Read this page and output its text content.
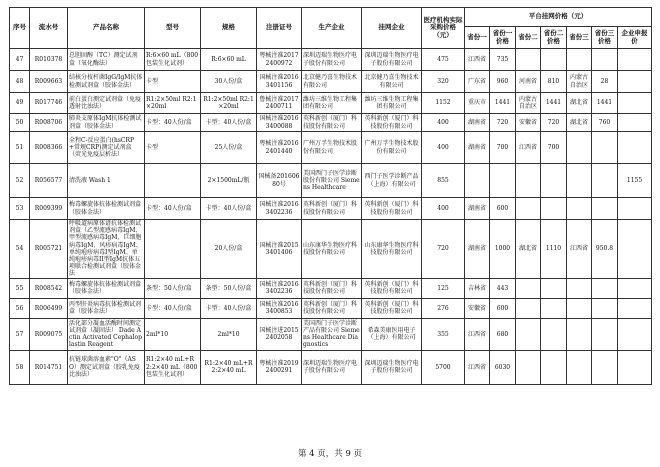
序号	流水号	产品名称	型号	规格	注册证号	生产企业	挂网企业	医疗机构实际采购价格（元）	平台挂网价格（元）						
									省份一	省份一价格	省份二	省份二价格	省份三	省份三价格	企业申报价
47	R010378	总胆固醇（TC）测定试剂盒（氧化酶法）	R:6×60 mL（800包装生化试剂）	R:6×60 mL	粤械注准20172400972	深圳迈瑞生物医疗电子股份有限公司	深圳迈瑞生物医疗电子股份有限公司	475	江西省	735					
48	R009663	结核分枝杆菌IgG/IgM抗体检测试剂盒（胶体金法）	卡型	30人份/盒	国械注准20163401156	北京健乃喜生物技术有限公司	北京健乃喜生物技术有限公司	320	广东省	960	河南省	810	内蒙古自治区	28	
49	R017746	前白蛋白测定试剂盒（免疫透射比浊法）	R1:2×50ml R2:1×20ml	R1:2×50ml R2:1×20ml	鲁械注准20172400711	潍坊三维生物工程集团有限公司	潍坊三维生物工程集团有限公司	1152	重庆市	1441	内蒙古自治区	1441	湖北省	1441	
50	R008706	肺炎支原体IgM抗体检测试剂盒（胶体金法）	卡型：40人份/盒	卡型：40人份/盒	国械注准20163400088	英科新创（厦门）科技股份有限公司	英科新创（厦门）科技股份有限公司	400	湖南省	720	安徽省	720	湖北省	760	
51	R008366	全程C-反应蛋白(hsCRP+常规CRP)测定试剂盒（荧光免疫层析法）	卡型	25人份/盒	粤械注准20162401440	广州万孚生物技术股份有限公司	广州万孚生物技术股份有限公司	400	湖南省	700	江西省	700			
52	R056577	清洗液 Wash 1		2×1500mL/瓶	国械备20160680号	美国西门子医学诊断股份有限公司 Siemens Healthcare	西门子医学诊断产品（上海）有限公司	855							1155
53	R009399	梅毒螺旋体抗体检测试剂盒（胶体金法）	卡型：40人份/盒	卡型：40人份/盒	国械注准20163402236	英科新创（厦门）科技股份有限公司	英科新创（厦门）科技股份有限公司	400	湖南省	600					
54	R005721	呼吸道病原体谱抗体检测试剂盒（乙型流感病毒IgM、甲型流感病毒IgM、巨细胞病毒IgM、风疹病毒IgM、单纯疱疹病毒I型IgM、单纯疱疹病毒II型IgM抗体五项联合检测试剂盒（胶体金法		20人份/盒	国械注准20153401406	山东康华生物医疗科技股份有限公司	山东康华生物医疗科技股份有限公司	720	湖南省	1000	湖北省	1110	江西省	950.8	
55	R008542	梅毒螺旋体抗体检测试剂盒（胶体金法）	条型：50人份/盒	条型：50人份/盒	国械注准20163402236	英科新创（厦门）科技股份有限公司	英科新创（厦门）科技股份有限公司	125	吉林省	443					
56	R006499	丙型肝炎病毒抗体检测试剂盒（胶体金法）	卡型：40人份/盒	卡型：40人份/盒	国械注准20163400853	英科新创（厦门）科技股份有限公司	英科新创（厦门）科技股份有限公司	276	安徽省	600					
57	R009075	活化部分凝血活酶时间测定试剂盒（凝固法） Dade Actin Activated Cephaloplastin Reagent	2ml*10	2ml*10	国械注进20152402058	美国西门子医学诊断产品有限公司 Siemens Healthcare Diagnostics	希森美康医用电子（上海）有限公司	355	江西省	680					
58	R014751	抗链球菌溶血素"O"（ASO）测定试剂盒（胶乳免疫比浊法）	R1:2×40 mL+R2:2×40 mL（800包装生化试剂）	R1:2×40 mL+R2:2×40 mL	粤械注准20192400291	深圳迈瑞生物医疗电子股份有限公司	深圳迈瑞生物医疗电子股份有限公司	5700	江西省	6030					
第 4 页，共 9 页
